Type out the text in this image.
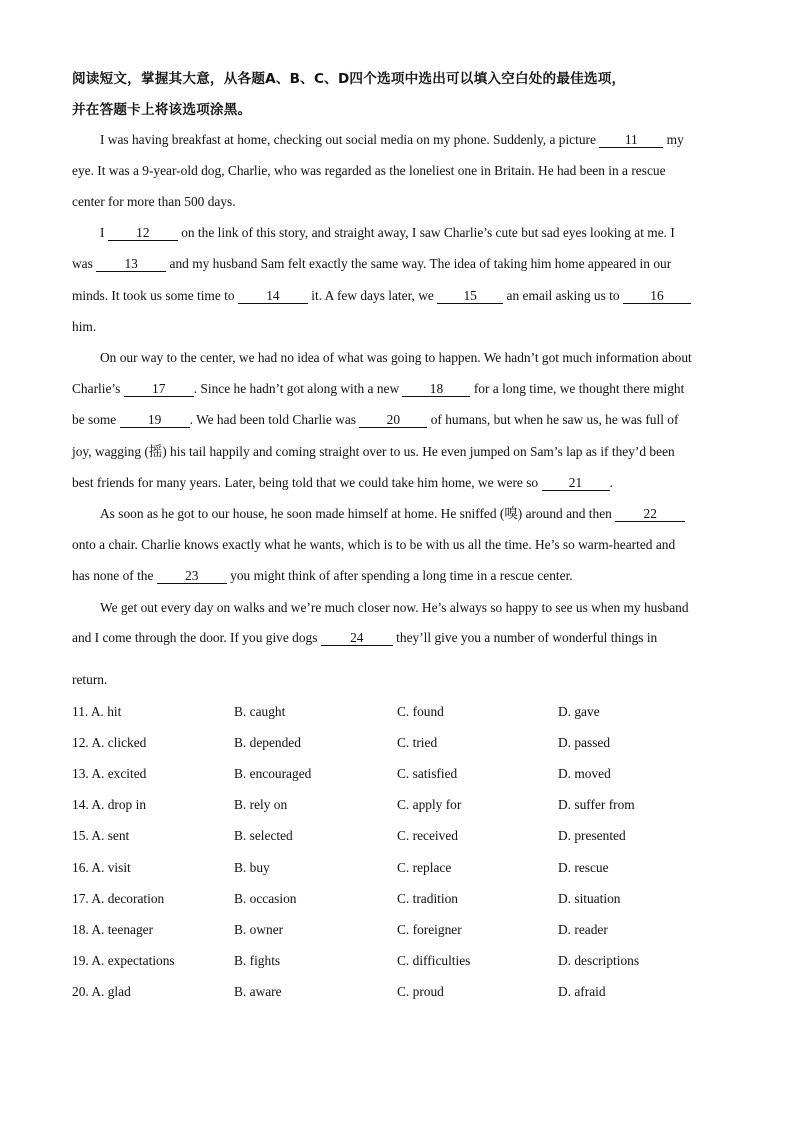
阅读短文，掌握其大意，从各题A、B、C、D四个选项中选出可以填入空白处的最佳选项，
并在答题卡上将该选项涂黑。
I was having breakfast at home, checking out social media on my phone. Suddenly, a picture 11 my
eye. It was a 9-year-old dog, Charlie, who was regarded as the loneliest one in Britain. He had been in a rescue
center for more than 500 days.
I 12 on the link of this story, and straight away, I saw Charlie’s cute but sad eyes looking at me. I
was 13 and my husband Sam felt exactly the same way. The idea of taking him home appeared in our
minds. It took us some time to 14 it. A few days later, we 15 an email asking us to 16
him.
On our way to the center, we had no idea of what was going to happen. We hadn’t got much information about
Charlie’s 17 . Since he hadn’t got along with a new 18 for a long time, we thought there might
be some 19 . We had been told Charlie was 20 of humans, but when he saw us, he was full of
joy, wagging (摇) his tail happily and coming straight over to us. He even jumped on Sam’s lap as if they’d been
best friends for many years. Later, being told that we could take him home, we were so 21 .
As soon as he got to our house, he soon made himself at home. He sniffed (嗅) around and then 22
onto a chair. Charlie knows exactly what he wants, which is to be with us all the time. He’s so warm-hearted and
has none of the 23 you might think of after spending a long time in a rescue center.
We get out every day on walks and we’re much closer now. He’s always so happy to see us when my husband
and I come through the door. If you give dogs 24 they’ll give you a number of wonderful things in
return.
11. A. hit	B. caught	C. found	D. gave
12. A. clicked	B. depended	C. tried	D. passed
13. A. excited	B. encouraged	C. satisfied	D. moved
14. A. drop in	B. rely on	C. apply for	D. suffer from
15. A. sent	B. selected	C. received	D. presented
16. A. visit	B. buy	C. replace	D. rescue
17. A. decoration	B. occasion	C. tradition	D. situation
18. A. teenager	B. owner	C. foreigner	D. reader
19. A. expectations	B. fights	C. difficulties	D. descriptions
20. A. glad	B. aware	C. proud	D. afraid
